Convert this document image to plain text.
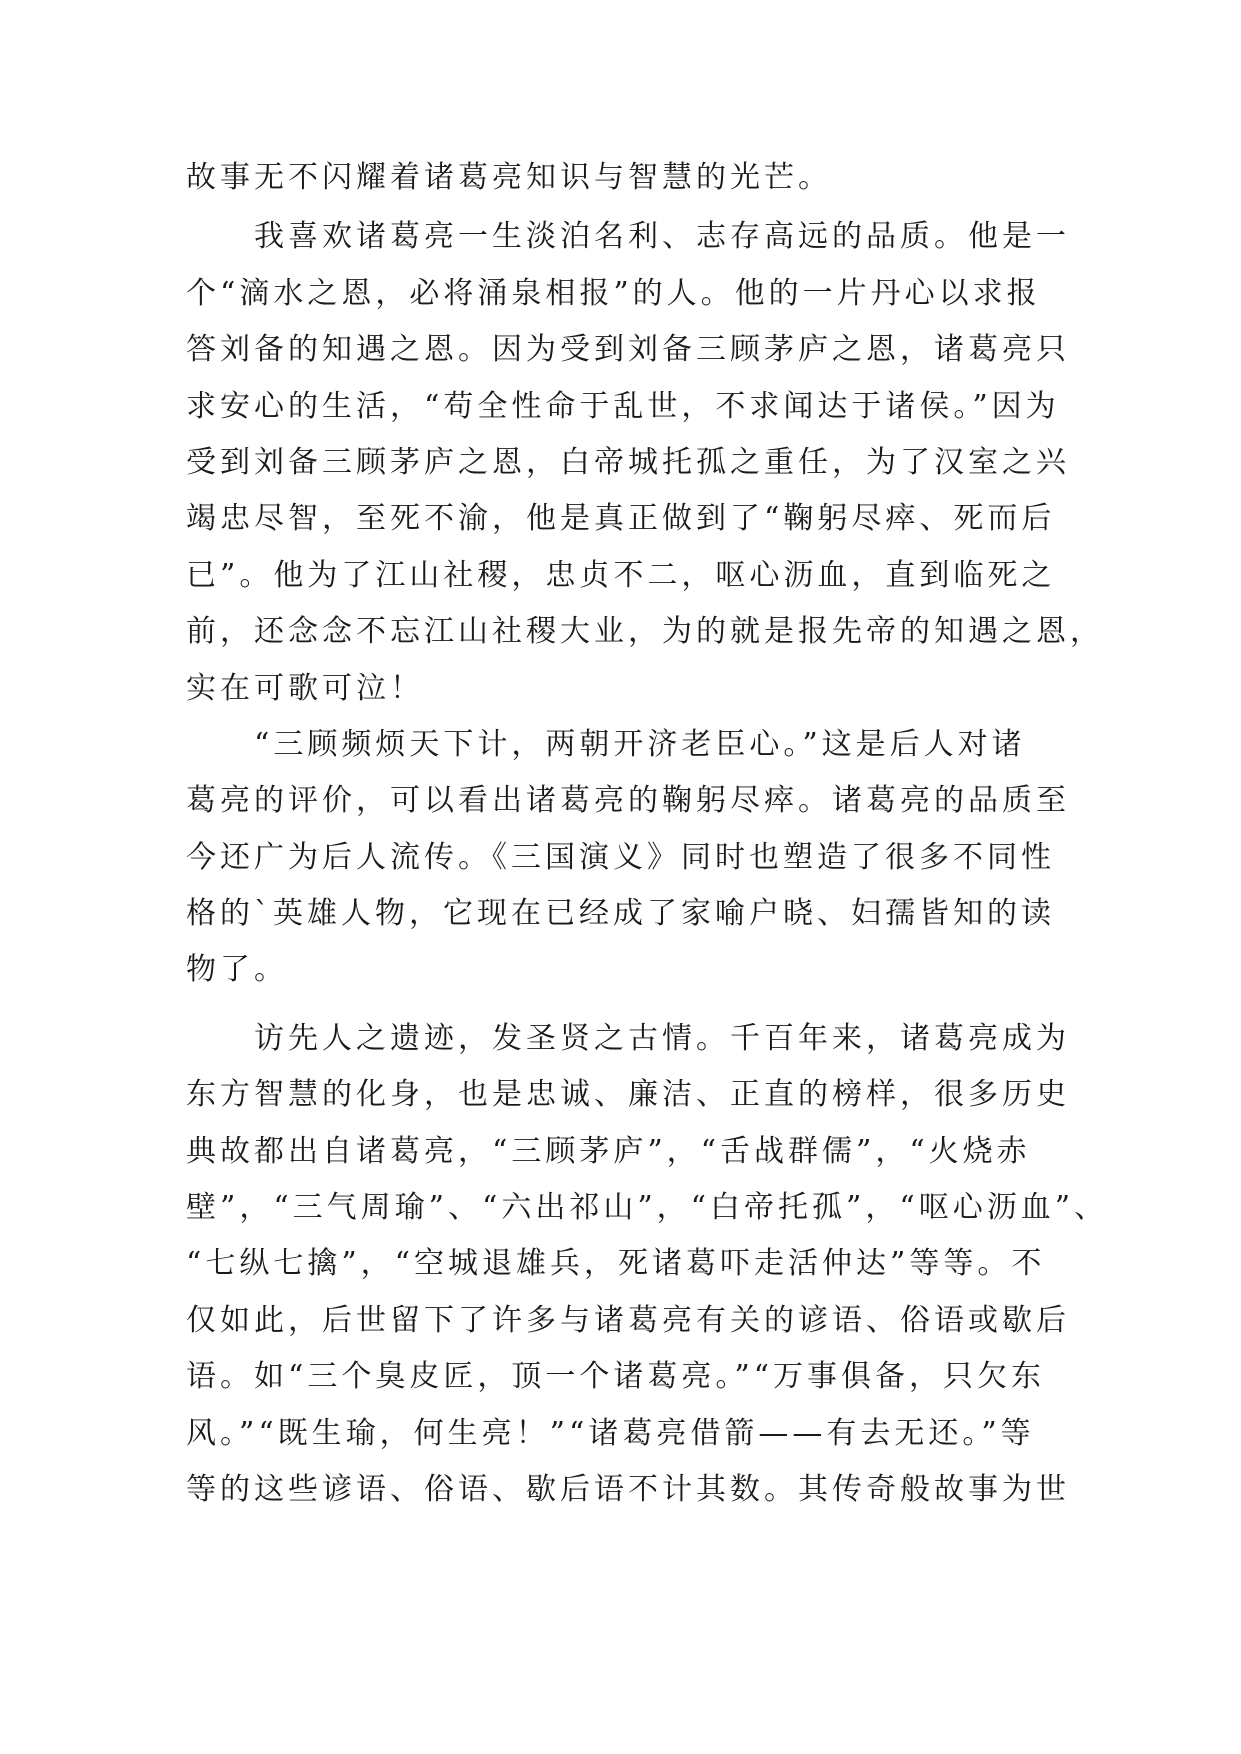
故事无不闪耀着诸葛亮知识与智慧的光芒。

　　我喜欢诸葛亮一生淡泊名利、志存高远的品质。他是一

个“滴水之恩，必将涌泉相报”的人。他的一片丹心以求报

答刘备的知遇之恩。因为受到刘备三顾茅庐之恩，诸葛亮只

求安心的生活，“苟全性命于乱世，不求闻达于诸侯。”因为

受到刘备三顾茅庐之恩，白帝城托孤之重任，为了汉室之兴

竭忠尽智，至死不渝，他是真正做到了“鞠躬尽瘁、死而后

已”。他为了江山社稷，忠贞不二，呕心沥血，直到临死之

前，还念念不忘江山社稷大业，为的就是报先帝的知遇之恩，

实在可歌可泣！

　　“三顾频烦天下计，两朝开济老臣心。”这是后人对诸

葛亮的评价，可以看出诸葛亮的鞠躬尽瘁。诸葛亮的品质至

今还广为后人流传。《三国演义》同时也塑造了很多不同性

格的`英雄人物，它现在已经成了家喻户晓、妇孺皆知的读

物了。

　　访先人之遗迹，发圣贤之古情。千百年来，诸葛亮成为

东方智慧的化身，也是忠诚、廉洁、正直的榜样，很多历史

典故都出自诸葛亮，“三顾茅庐”，“舌战群儒”，“火烧赤

壁”，“三气周瑜”、“六出祁山”，“白帝托孤”，“呕心沥血”、

“七纵七擒”，“空城退雄兵，死诸葛吓走活仲达”等等。不

仅如此，后世留下了许多与诸葛亮有关的谚语、俗语或歇后

语。如“三个臭皮匠，顶一个诸葛亮。”“万事俱备，只欠东

风。”“既生瑜，何生亮！”“诸葛亮借箭——有去无还。”等

等的这些谚语、俗语、歇后语不计其数。其传奇般故事为世
